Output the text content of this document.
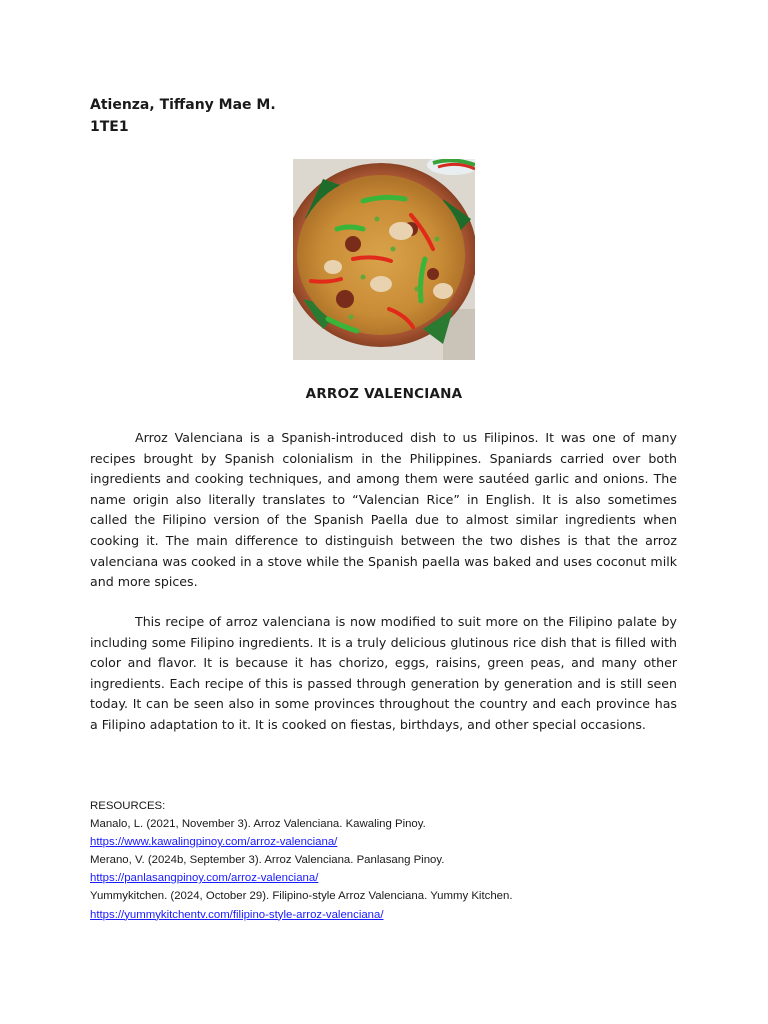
Atienza, Tiffany Mae M.
1TE1
ARROZ VALENCIANA

Arroz Valenciana is a Spanish-introduced dish to us Filipinos. It was one of many recipes brought by Spanish colonialism in the Philippines. Spaniards carried over both ingredients and cooking techniques, and among them were sautéed garlic and onions. The name origin also literally translates to “Valencian Rice” in English. It is also sometimes called the Filipino version of the Spanish Paella due to almost similar ingredients when cooking it. The main difference to distinguish between the two dishes is that the arroz valenciana was cooked in a stove while the Spanish paella was baked and uses coconut milk and more spices.

This recipe of arroz valenciana is now modified to suit more on the Filipino palate by including some Filipino ingredients. It is a truly delicious glutinous rice dish that is filled with color and flavor. It is because it has chorizo, eggs, raisins, green peas, and many other ingredients. Each recipe of this is passed through generation by generation and is still seen today. It can be seen also in some provinces throughout the country and each province has a Filipino adaptation to it. It is cooked on fiestas, birthdays, and other special occasions.

RESOURCES:
Manalo, L. (2021, November 3). Arroz Valenciana. Kawaling Pinoy.
https://www.kawalingpinoy.com/arroz-valenciana/
Merano, V. (2024b, September 3). Arroz Valenciana. Panlasang Pinoy.
https://panlasangpinoy.com/arroz-valenciana/
Yummykitchen. (2024, October 29). Filipino-style Arroz Valenciana. Yummy Kitchen.
https://yummykitchentv.com/filipino-style-arroz-valenciana/
